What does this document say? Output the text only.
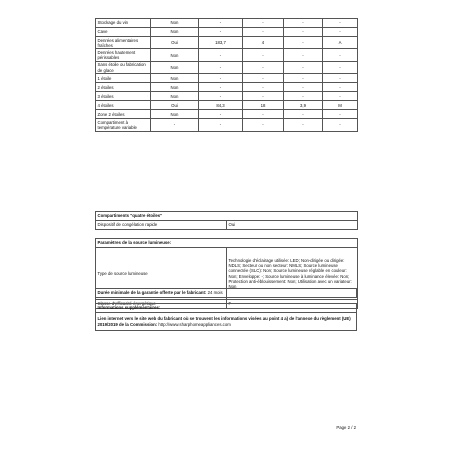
Stockage du vin	Non	-	-	-	-
Cave	Non	-	-	-	-
Denrées alimentaires fraîches	Oui	183,7	4	-	A
Denrées hautement périssables	Non	-	-	-	-
Sans étoile ou fabrication de glace	Non	-	-	-	-
1 étoile	Non	-	-	-	-
2 étoiles	Non	-	-	-	-
3 étoiles	Non	-	-	-	-
4 étoiles	Oui	84,3	18	3,9	M
Zone 2 étoiles	Non	-	-	-	-
Compartiment à température variable	-	-	-	-	-
Compartiments "quatre étoiles"
Dispositif de congélation rapide	Oui
Paramètres de la source lumineuse:	
Type de source lumineuse	Technologie d'éclairage utilisée: LED; Non-dirigée ou dirigée: NDLS; Secteur ou non secteur: NMLS; Source lumineuse connectée (SLC): Non; Source lumineuse réglable en couleur: Non; Enveloppe: -; Source lumineuse à luminance élevée: Non; Protection anti-éblouissement: Non; Utilisation avec un variateur: Non
Classe d'efficacité énergétique	F
Durée minimale de la garantie offerte par le fabricant: 24 mois
Informations supplémentaires:
Lien internet vers le site web du fabricant où se trouvent les informations visées au point 4 a) de l'annexe du règlement (UE) 2019/2019 de la Commission: http://www.sharphomeappliances.com
Page 2 / 2
